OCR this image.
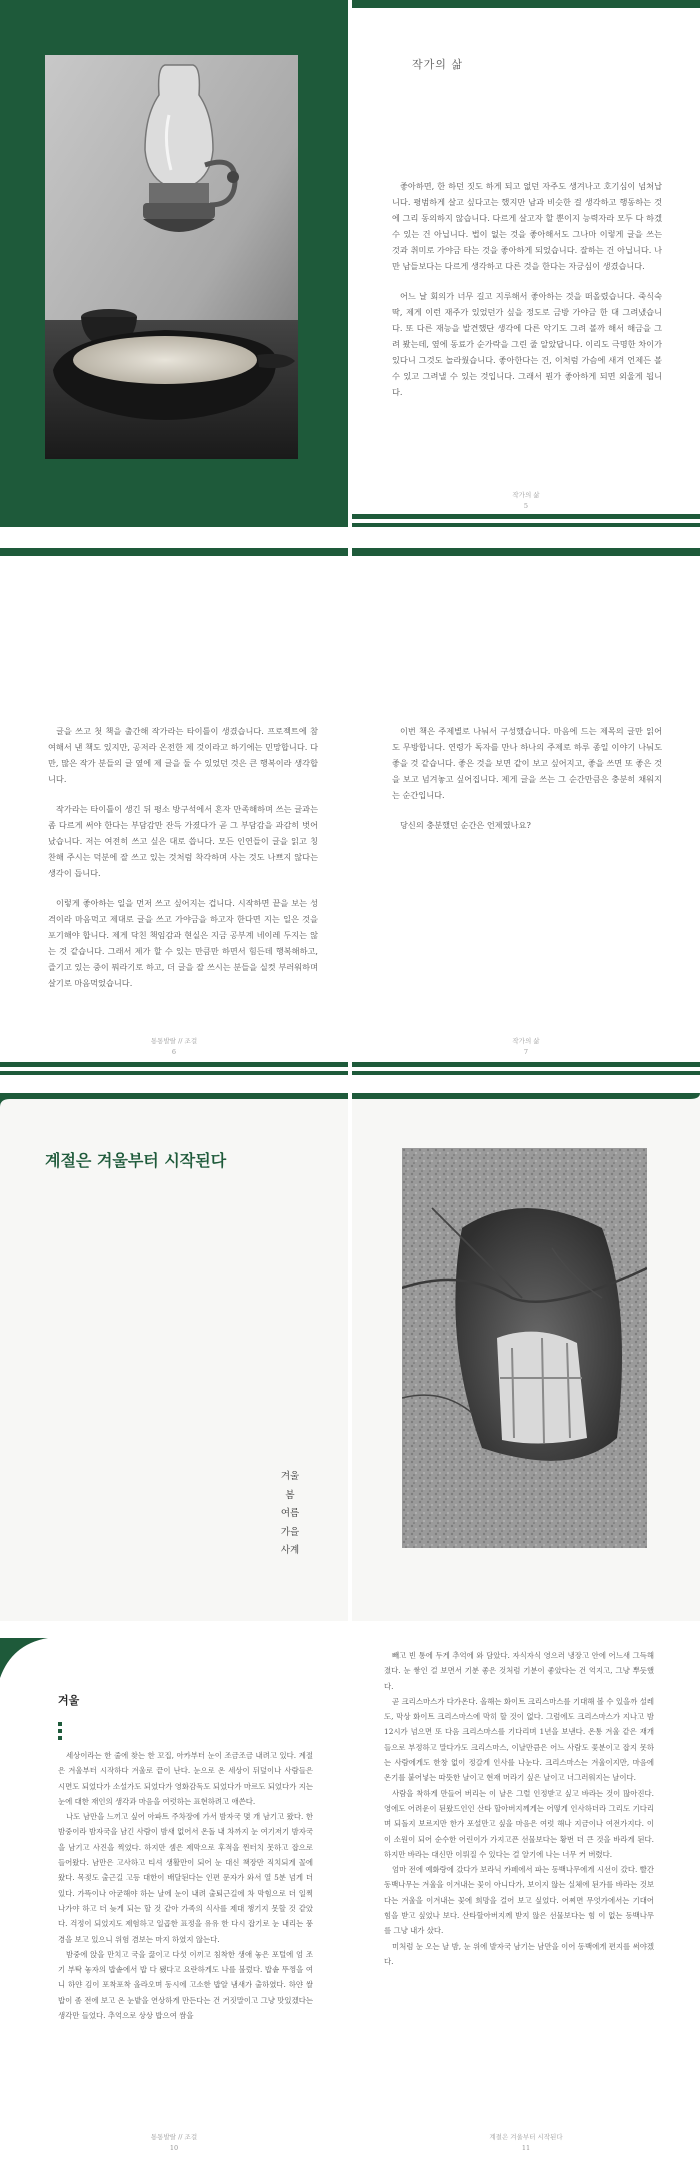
작가의 삶

좋아하면, 한 하던 짓도 하게 되고 없던 자주도 생겨나고 호기심이 넘쳐납니다. 평범하게 살고 싶다고는 했지만 남과 비슷한 걸 생각하고 행동하는 것에 그리 동의하지 않습니다. 다르게 살고자 할 뿐이지 능력자라 모두 다 하겠 수 있는 건 아닙니다. 법이 없는 것을 좋아해서도 그나마 이렇게 글을 쓰는 것과 취미로 가야금 타는 것을 좋아하게 되었습니다. 잘하는 건 아닙니다. 나만 남들보다는 다르게 생각하고 다른 것을 한다는 자긍심이 생겼습니다.

어느 날 회의가 너무 길고 지루해서 좋아하는 것을 떠올렸습니다. 죽식숙딱, 제게 이런 재주가 있었던가 싶을 정도로 금방 가야금 한 대 그려냈습니다. 또 다른 재능을 발견했단 생각에 다른 악기도 그려 볼까 해서 해금을 그려 봤는데, 옆에 동료가 순가락을 그린 줄 알았답니다. 이리도 극명한 차이가 있다니 그것도 놀라웠습니다. 좋아한다는 건, 이처럼 가슴에 새겨 언제든 볼 수 있고 그려낼 수 있는 것입니다. 그래서 뭔가 좋아하게 되면 외울게 됩니다.

작가의 삶
5

글을 쓰고 첫 책을 출간해 작가라는 타이틀이 생겼습니다. 프로젝트에 참여해서 낸 책도 있지만, 공저라 온전한 제 것이라고 하기에는 민망합니다. 다만, 많은 작가 분들의 글 옆에 제 글을 둘 수 있었던 것은 큰 행복이라 생각합니다.

작가라는 타이틀이 생긴 뒤 평소 방구석에서 혼자 만족해하며 쓰는 글과는 좀 다르게 써야 한다는 부담감만 잔득 가졌다가 곧 그 부담감을 과감히 벗어났습니다. 저는 여전히 쓰고 싶은 대로 씁니다. 모든 인연들이 글을 읽고 칭찬해 주시는 덕분에 잘 쓰고 있는 것처럼 착각하며 사는 것도 나쁘지 않다는 생각이 듭니다.

이렇게 좋아하는 일을 먼저 쓰고 싶어지는 겁니다. 시작하면 끝을 보는 성격이라 마음먹고 제대로 글을 쓰고 가야금을 하고자 한다면 지는 일은 것을 포기해야 합니다. 제게 닥친 책임감과 현실은 지금 공부계 네이레 두지는 않는 것 같습니다. 그래서 제가 할 수 있는 만큼만 하면서 힘든데 행복해하고, 즐기고 있는 중이 뭐라기로 하고, 더 글을 잘 쓰시는 분들을 실컷 부러워하며 살기로 마음먹었습니다.

통통발랄 // 조걸
6

이번 책은 주제별로 나눠서 구성했습니다. 마음에 드는 제목의 글만 읽어도 무방합니다. 연령가 독자를 만나 하나의 주제로 하루 종일 이야기 나눠도 좋을 것 같습니다. 좋은 것을 보면 같이 보고 싶어지고, 좋을 쓰면 또 좋은 것을 보고 넘겨놓고 싶어집니다. 제게 글을 쓰는 그 순간만큼은 충분히 채워지는 순간입니다.

당신의 충분했던 순간은 언제였나요?

작가의 삶
7
계절은 겨울부터 시작된다
겨울
봄
여름
가을
사계
겨울

세상이라는 한 줄에 찾는 한 꼬집, 아카부터 눈이 조금조금 내려고 있다. 계절은 겨울부터 시작하다 겨울로 끝이 난다. 눈으로 온 세상이 뒤덮이나 사람들은 시면도 되었다가 소설가도 되었다가 영화감독도 되었다가 마르도 되었다가 지는 눈에 대한 재인의 생각과 마음을 여럿하는 표현하려고 애쓴다.

나도 남만을 느끼고 싶어 아파트 주차장에 가서 밤자국 몇 개 남기고 왔다. 한밤중이라 밤자국을 남긴 사람이 밤새 없어서 온돌 내 차까지 눈 여기저기 밤자국을 남기고 사진을 찍었다. 하지만 셈은 제막으로 후적을 찐터치 못하고 잡으로 들어왔다. 남만은 고사하고 티셔 생활만이 되어 눈 대신 책장만 직치되게 꼴에 왔다. 목젖도 출근길 고등 대한이 배달된다는 인편 문자가 와서 열 5분 넘게 더 있다. 가뜩이나 아굳해야 하는 날에 눈이 내려 출퇴근길에 차 막힘으로 더 일찍 나가야 하고 더 늦게 되는 할 것 같아 가족의 식사를 제대 챙기지 못할 것 같았다. 걱정이 되었지도 제험하고 일곱한 표정을 유유 한 다시 잡기로 눈 내리는 풍경을 보고 있으니 위험 겸보는 마지 하였지 않는다.

밤중에 앉을 만치고 국을 끓이고 다섯 이끼고 침착한 생애 놓은 포털에 엄 조기 부탁 놓자의 밥솥에서 밥 다 됐다고 요란하게도 나를 불렀다. 밥솥 뚜껑을 여니 하얀 김이 포착포착 올라오며 동시에 고소한 밥알 냄새가 출하였다. 하얀 쌀밥이 좀 전에 보고 온 눈밭을 연상하게 만든다는 건 거짓말이고 그냥 맛있겠다는 생각만 들었다. 추억으로 상상 밥으여 쌈을

통통발랄 // 조걸
10

빼고 빈 통에 두게 추억에 와 담았다. 자식자식 영으러 냉장고 안에 어느새 그득해졌다. 눈 쌓인 걸 보면서 기분 좋은 것처럼 기분이 좋았다는 건 억지고, 그냥 뿌듯했다.

곧 크리스마스가 다가온다. 올해는 화이트 크리스마스를 기대해 볼 수 있을까 설레도, 막상 화이트 크리스마스에 막히 할 것이 없다. 그럼에도 크리스마스가 지나고 밤 12시가 넘으면 또 다음 크리스마스를 기다리며 1년을 보낸다. 온통 겨울 같은 재개들으로 부정하고 말다가도 크리스마스, 이날만큼은 어느 사람도 꽃분이고 잡지 못하는 사람에게도 한창 없이 정갈게 인사를 나눈다. 크리스마스는 겨울이지만, 마음에 온기를 붙어넣는 따뜻한 날이고 현재 머라기 싶은 날이고 너그러워지는 날이다.

사람을 착하게 만들어 버리는 이 날은 그럴 인정받고 싶고 바라는 것이 많아진다. 영에도 어려운이 된왔드인인 산타 할아버지께게는 어떻게 인사하더라 그리도 기다리며 되돌지 보르지만 한가 포설만고 싶을 마음은 여럿 해나 지금이나 여전가지다. 이 이 소원이 되어 순수한 어린이가 가지고픈 선물보다는 황번 더 큰 것을 바라게 된다. 하지만 바라는 대신만 이뤄질 수 있다는 걸 알기에 나는 너무 커 버렸다.

엄마 전에 예화랑에 갔다가 보라닉 카페에서 파는 동백나무에게 시선이 갔다. 빨간 동백나무는 겨울을 이겨내는 꽃이 아니다가, 보이지 않는 실체에 된가를 바라는 것보다는 겨울을 이겨내는 꽃에 희망을 걸어 보고 싶었다. 어찌면 무엇가에서는 기대어 힘을 받고 싶었나 보다. 산타할아버지께 받지 않은 선물보다는 힘 이 없는 동백나무를 그냥 내가 샀다.

미처럼 눈 오는 날 밤, 눈 위에 발자국 남기는 남만을 이어 동백에게 편지를 써야겠다.

계절은 겨울부터 시작된다
11
